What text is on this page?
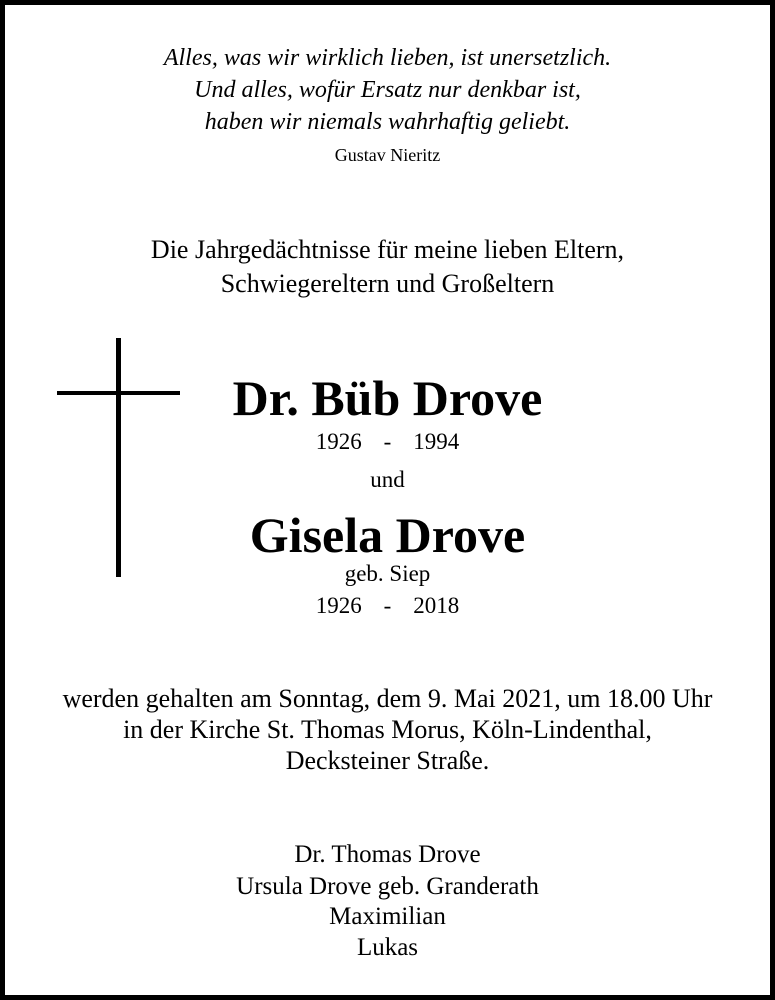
Alles, was wir wirklich lieben, ist unersetzlich.
Und alles, wofür Ersatz nur denkbar ist,
haben wir niemals wahrhaftig geliebt.
Gustav Nieritz
Die Jahrgedächtnisse für meine lieben Eltern,
Schwiegereltern und Großeltern
Dr. Büb Drove
1926 - 1994
und
Gisela Drove
geb. Siep
1926 - 2018
werden gehalten am Sonntag, dem 9. Mai 2021, um 18.00 Uhr
in der Kirche St. Thomas Morus, Köln-Lindenthal,
Decksteiner Straße.
Dr. Thomas Drove
Ursula Drove geb. Granderath
Maximilian
Lukas
